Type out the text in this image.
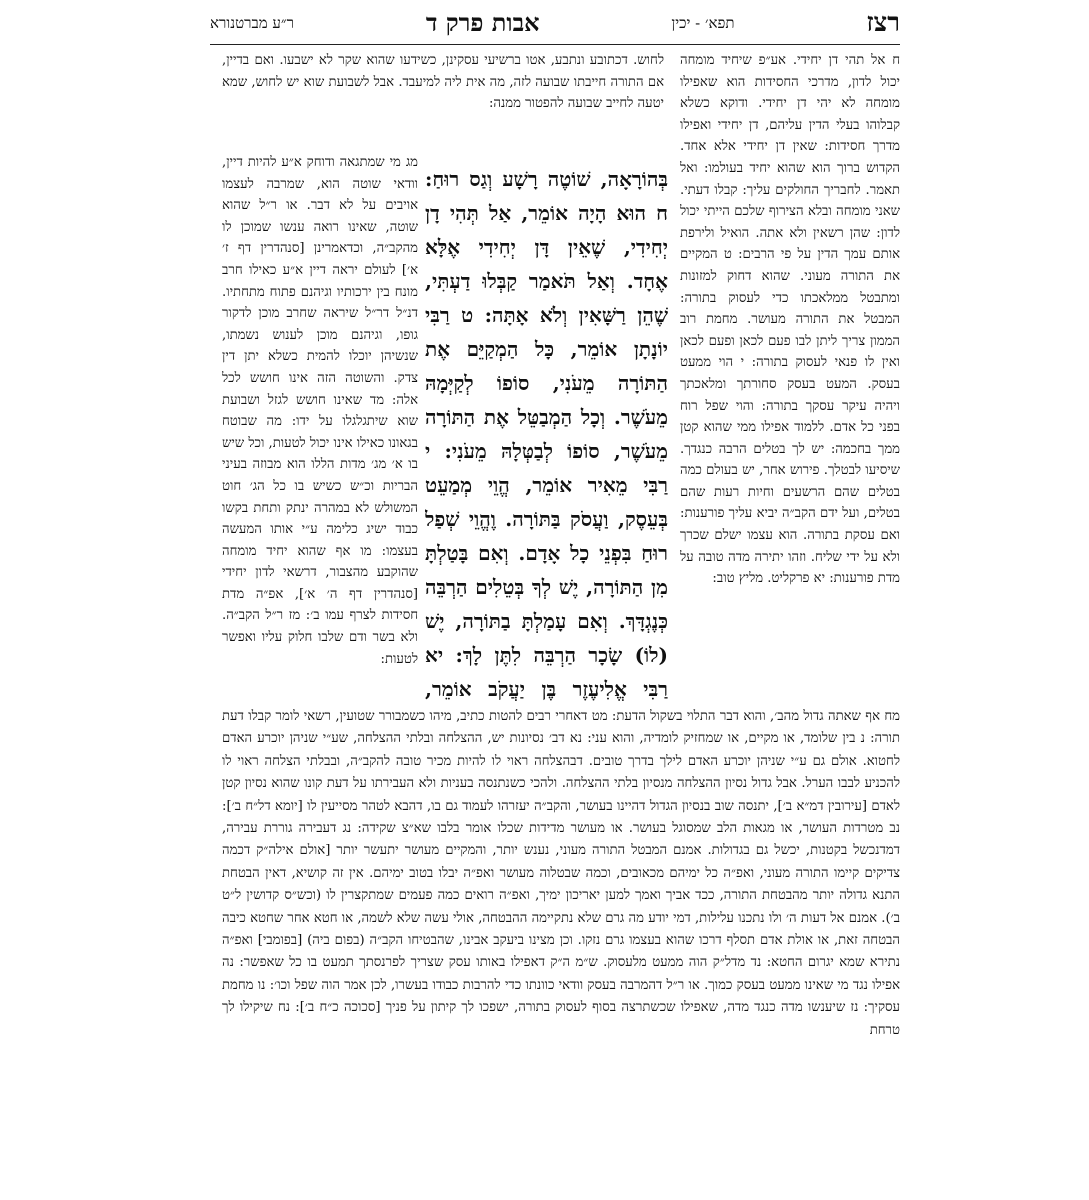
רצז
תפא׳ - יכין
אבות פרק ד
ר״ע מברטנורא

ח אל תהי דן יחידי. אע״פ שיחיד מומחה יכול לדון, מדרכי החסידות הוא שאפילו מומחה לא יהי דן יחידי. ודוקא כשלא קבלוהו בעלי הדין עליהם, דן יחידי ואפילו מדרך חסידות: שאין דן יחידי אלא אחד. הקדוש ברוך הוא שהוא יחיד בעולמו: ואל תאמר. לחבריך החולקים עליך: קבלו דעתי. שאני מומחה ובלא הצירוף שלכם הייתי יכול לדון: שהן רשאין ולא אתה. הואיל ולירפת אותם עמך הדין על פי הרבים: ט המקיים את התורה מעוני. שהוא דחוק למזונות ומתבטל ממלאכתו כדי לעסוק בתורה: המבטל את התורה מעושר. מחמת רוב הממון צריך ליתן לבו פעם לכאן ופעם לכאן ואין לו פנאי לעסוק בתורה: י הוי ממעט בעסק. המעט בעסק סחורתך ומלאכתך ויהיה עיקר עסקך בתורה: והוי שפל רוח בפני כל אדם. ללמוד אפילו ממי שהוא קטן ממך בחכמה: יש לך בטלים הרבה כנגדך. שיסיעו לבטלך. פירוש אחר, יש בעולם כמה בטלים שהם הרשעים וחיות רעות שהם בטלים, ועל ידם הקב״ה יביא עליך פורענות: ואם עסקת בתורה. הוא עצמו ישלם שכרך ולא על ידי שליח. וזהו יתירה מדה טובה על מדת פורענות: יא פרקליט. מליץ טוב:

לחוש. דכתובע ונתבע, אטו ברשיעי עסקינן, כשידעו שהוא שקר לא ישבעו. ואם בדיין, אם התורה חייבתו שבועה לזה, מה אית ליה למיעבד. אבל לשבועת שוא יש לחוש, שמא יטעה לחייב שבועה להפטור ממנה:

בְּהוֹרָאָה, שׁוֹטֶה רָשָׁע וְגַס רוּחַ: ח הוּא הָיָה אוֹמֵר, אַל תְּהִי דָן יְחִידִי, שֶׁאֵין דָּן יְחִידִי אֶלָּא אֶחָד. וְאַל תֹּאמַר קַבְּלוּ דַעְתִּי, שֶׁהֵן רַשָּׁאִין וְלֹא אָתָּה: ט רַבִּי יוֹנָתָן אוֹמֵר, כָּל הַמְקַיֵּם אֶת הַתּוֹרָה מֵעֹנִי, סוֹפוֹ לְקַיְּמָהּ מֵעֹשֶׁר. וְכָל הַמְבַטֵּל אֶת הַתּוֹרָה מֵעֹשֶׁר, סוֹפוֹ לְבַטְּלָהּ מֵעֹנִי: י רַבִּי מֵאִיר אוֹמֵר, הֱוֵי מְמַעֵט בְּעֵסֶק, וַעֲסֹק בַּתּוֹרָה. וֶהֱוֵי שְׁפַל רוּחַ בִּפְנֵי כָל אָדָם. וְאִם בָּטַלְתָּ מִן הַתּוֹרָה, יֶשׁ לְךָ בְּטֵלִים הַרְבֵּה כְּנֶגְדָּךְ. וְאִם עָמַלְתָּ בַתּוֹרָה, יֶשׁ (לוֹ) שָׂכָר הַרְבֵּה לִתֶּן לָךְ: יא רַבִּי אֱלִיעֶזֶר בֶּן יַעֲקֹב אוֹמֵר,

מג מי שמתגאה ודוחק א״ע להיות דיין, וודאי שוטה הוא, שמרבה לעצמו אויבים על לא דבר. או ר״ל שהוא שוטה, שאינו רואה ענשו שמוכן לו מהקב״ה, וכדאמרינן [סנהדרין דף ז׳ א׳] לעולם יראה דיין א״ע כאילו חרב מונח בין ירכותיו וגיהנם פתוח מתחתיו. דנ״ל דר״ל שיראה שחרב מוכן לדקור גופו, וגיהנם מוכן לענוש נשמתו, שנשיהן יוכלו להמית כשלא יתן דין צדק. והשוטה הזה אינו חושש לכל אלה: מד שאינו חושש לגזל ושבועת שוא שיתגלגלו על ידו: מה שבוטח בגאונו כאילו אינו יכול לטעות, וכל שיש בו א׳ מג׳ מדות הללו הוא מבוזה בעיני הבריות וכ״ש כשיש בו כל הג׳ חוט המשולש לא במהרה ינתק ותחת בקשו כבוד ישיג כלימה ע״י אותו המעשה בעצמו: מו אף שהוא יחיד מומחה שהוקבע מהצבור, דרשאי לדון יחידי [סנהדרין דף ה׳ א׳], אפ״ה מדת חסידות לצרף עמו ב׳: מז ר״ל הקב״ה. ולא בשר ודם שלבו חלוק עליו ואפשר לטעות:

מח אף שאתה גדול מהב׳, והוא דבר התלוי בשקול הדעת: מט דאחרי רבים להטות כתיב, מיהו כשמבורר שטועין, רשאי לומר קבלו דעת תורה: נ בין שלומד, או מקיים, או שמחזיק לומדיה, והוא עני: נא דב׳ נסיונות יש, ההצלחה ובלתי ההצלחה, שע״י שניהן יוכרע האדם לחטוא. אולם גם ע״י שניהן יוכרע האדם לילך בדרך טובים. דבהצלחה ראוי לו להיות מכיר טובה להקב״ה, ובבלתי הצלחה ראוי לו להכניע לבבו הערל. אבל גדול נסיון ההצלחה מנסיון בלתי ההצלחה. ולהכי כשנתנסה בעניות ולא העבירתו על דעת קונו שהוא נסיון קטן לאדם [עירובין דמ״א ב׳], יתנסה שוב בנסיון הגדול דהיינו בעושר, והקב״ה יעזרהו לעמוד גם בו, דהבא לטהר מסייעין לו [יומא דל״ח ב׳]: נב מטרדות העושר, או מגאות הלב שמסוגל בעושר. או מעושר מדידות שכלו אומר בלבו שא״צ שקידה: נג דעבירה גוררת עבירה, דמדנכשל בקטנות, יכשל גם בגדולות. אמנם המבטל התורה מעוני, נענש יותר, והמקיים מעושר יתעשר יותר [אולם אילה״ק דכמה צדיקים קיימו התורה מעוני, ואפ״ה כל ימיהם מכאובים, וכמה שבטלוה מעושר ואפ״ה יבלו בטוב ימיהם. אין זה קושיא, דאין הבטחת התנא גדולה יותר מהבטחת התורה, ככד אביך ואמך למען יאריכון ימיך, ואפ״ה רואים כמה פעמים שמתקצרין לו (וכש״ס קדושין ל״ט ב׳). אמנם אל דעות ה׳ ולו נתכנו עלילות, דמי יודע מה גרם שלא נתקיימה ההבטחה, אולי עשה שלא לשמה, או חטא אחר שחטא כיבה הבטחה זאת, או אולת אדם תסלף דרכו שהוא בעצמו גרם נזקו. וכן מצינו ביעקב אבינו, שהבטיחו הקב״ה (בפום ביה) [בפומבי] ואפ״ה נתירא שמא יגרום החטא: נד מדל״ק הוה ממעט מלעסוק. ש״מ ה״ק דאפילו באותו עסק שצריך לפרנסתך תמעט בו כל שאפשר: נה אפילו נגד מי שאינו ממעט בעסק כמוך. או ר״ל דהמרבה בעסק וודאי כוונתו כדי להרבות כבודו בעשרו, לכן אמר הוה שפל וכו׳: נו מחמת עסקיך: נז שיענשו מדה כנגד מדה, שאפילו שכשתרצה בסוף לעסוק בתורה, ישפכו לך קיתון על פניך [סכוכה כ״ח ב׳]: נח שיקילו לך טרחת
